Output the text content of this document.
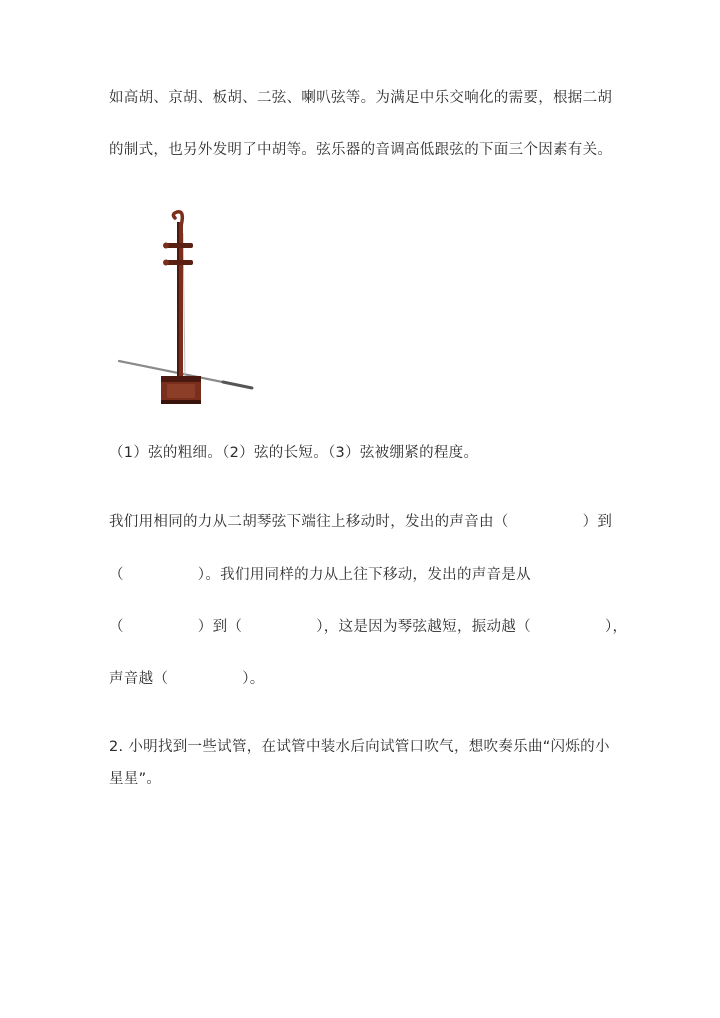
如高胡、京胡、板胡、二弦、喇叭弦等。为满足中乐交响化的需要，根据二胡
的制式，也另外发明了中胡等。弦乐器的音调高低跟弦的下面三个因素有关。
（1）弦的粗细。（2）弦的长短。（3）弦被绷紧的程度。
我们用相同的力从二胡琴弦下端往上移动时，发出的声音由（　　　　　）到
（　　　　　）。我们用同样的力从上往下移动，发出的声音是从
（　　　　　）到（　　　　　），这是因为琴弦越短，振动越（　　　　　），
声音越（　　　　　）。
2. 小明找到一些试管，在试管中装水后向试管口吹气，想吹奏乐曲“闪烁的小
星星”。
